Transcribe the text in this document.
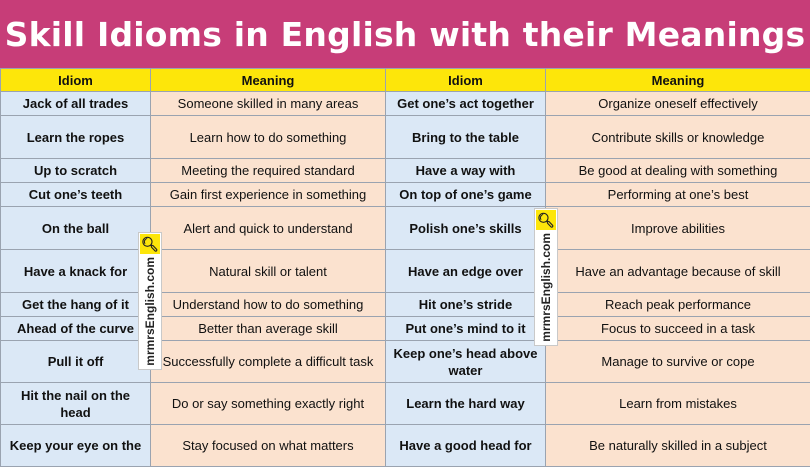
Skill Idioms in English with their Meanings
Idiom	Meaning	Idiom	Meaning
Jack of all trades	Someone skilled in many areas	Get one’s act together	Organize oneself effectively
Learn the ropes	Learn how to do something	Bring to the table	Contribute skills or knowledge
Up to scratch	Meeting the required standard	Have a way with	Be good at dealing with something
Cut one’s teeth	Gain first experience in something	On top of one’s game	Performing at one’s best
On the ball	Alert and quick to understand	Polish one’s skills	Improve abilities
Have a knack for	Natural skill or talent	Have an edge over	Have an advantage because of skill
Get the hang of it	Understand how to do something	Hit one’s stride	Reach peak performance
Ahead of the curve	Better than average skill	Put one’s mind to it	Focus to succeed in a task
Pull it off	Successfully complete a difficult task	Keep one’s head above water	Manage to survive or cope
Hit the nail on the head	Do or say something exactly right	Learn the hard way	Learn from mistakes
Keep your eye on the	Stay focused on what matters	Have a good head for	Be naturally skilled in a subject
🔍︎
mrmrsEnglish.com
🔍︎
mrmrsEnglish.com
